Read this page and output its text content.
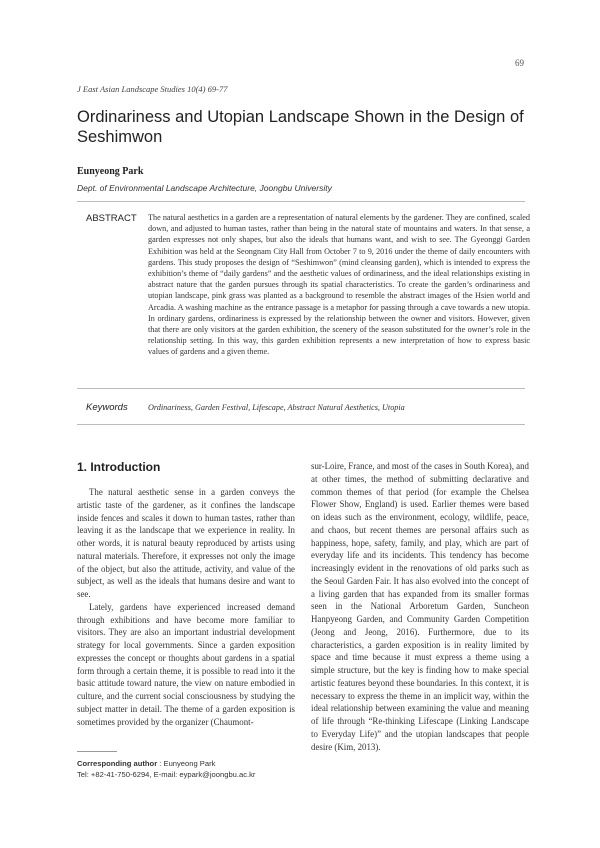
69
J East Asian Landscape Studies 10(4) 69-77
Ordinariness and Utopian Landscape Shown in the Design of Seshimwon
Eunyeong Park
Dept. of Environmental Landscape Architecture, Joongbu University
ABSTRACT The natural aesthetics in a garden are a representation of natural elements by the gardener. They are confined, scaled down, and adjusted to human tastes, rather than being in the natural state of mountains and waters. In that sense, a garden expresses not only shapes, but also the ideals that humans want, and wish to see. The Gyeonggi Garden Exhibition was held at the Seongnam City Hall from October 7 to 9, 2016 under the theme of daily encounters with gardens. This study proposes the design of “Seshimwon” (mind cleansing garden), which is intended to express the exhibition’s theme of “daily gardens” and the aesthetic values of ordinariness, and the ideal relationships existing in abstract nature that the garden pursues through its spatial characteristics. To create the garden’s ordinariness and utopian landscape, pink grass was planted as a background to resemble the abstract images of the Hsien world and Arcadia. A washing machine as the entrance passage is a metaphor for passing through a cave towards a new utopia. In ordinary gardens, ordinariness is expressed by the relationship between the owner and visitors. However, given that there are only visitors at the garden exhibition, the scenery of the season substituted for the owner’s role in the relationship setting. In this way, this garden exhibition represents a new interpretation of how to express basic values of gardens and a given theme.
Keywords Ordinariness, Garden Festival, Lifescape, Abstract Natural Aesthetics, Utopia
1. Introduction

The natural aesthetic sense in a garden conveys the artistic taste of the gardener, as it confines the landscape inside fences and scales it down to human tastes, rather than leaving it as the landscape that we experience in reality. In other words, it is natural beauty reproduced by artists using natural materials. Therefore, it expresses not only the image of the object, but also the attitude, activity, and value of the subject, as well as the ideals that humans desire and want to see.

Lately, gardens have experienced increased demand through exhibitions and have become more familiar to visitors. They are also an important industrial development strategy for local governments. Since a garden exposition expresses the concept or thoughts about gardens in a spatial form through a certain theme, it is possible to read into it the basic attitude toward nature, the view on nature embodied in culture, and the current social consciousness by studying the subject matter in detail. The theme of a garden exposition is sometimes provided by the organizer (Chaumont-

sur-Loire, France, and most of the cases in South Korea), and at other times, the method of submitting declarative and common themes of that period (for example the Chelsea Flower Show, England) is used. Earlier themes were based on ideas such as the environment, ecology, wildlife, peace, and chaos, but recent themes are personal affairs such as happiness, hope, safety, family, and play, which are part of everyday life and its incidents. This tendency has become increasingly evident in the renovations of old parks such as the Seoul Garden Fair. It has also evolved into the concept of a living garden that has expanded from its smaller formas seen in the National Arboretum Garden, Suncheon Hanpyeong Garden, and Community Garden Competition (Jeong and Jeong, 2016). Furthermore, due to its characteristics, a garden exposition is in reality limited by space and time because it must express a theme using a simple structure, but the key is finding how to make special artistic features beyond these boundaries. In this context, it is necessary to express the theme in an implicit way, within the ideal relationship between examining the value and meaning of life through “Re-thinking Lifescape (Linking Landscape to Everyday Life)” and the utopian landscapes that people desire (Kim, 2013).

Corresponding author : Eunyeong Park
Tel: +82-41-750-6294, E-mail: eypark@joongbu.ac.kr
